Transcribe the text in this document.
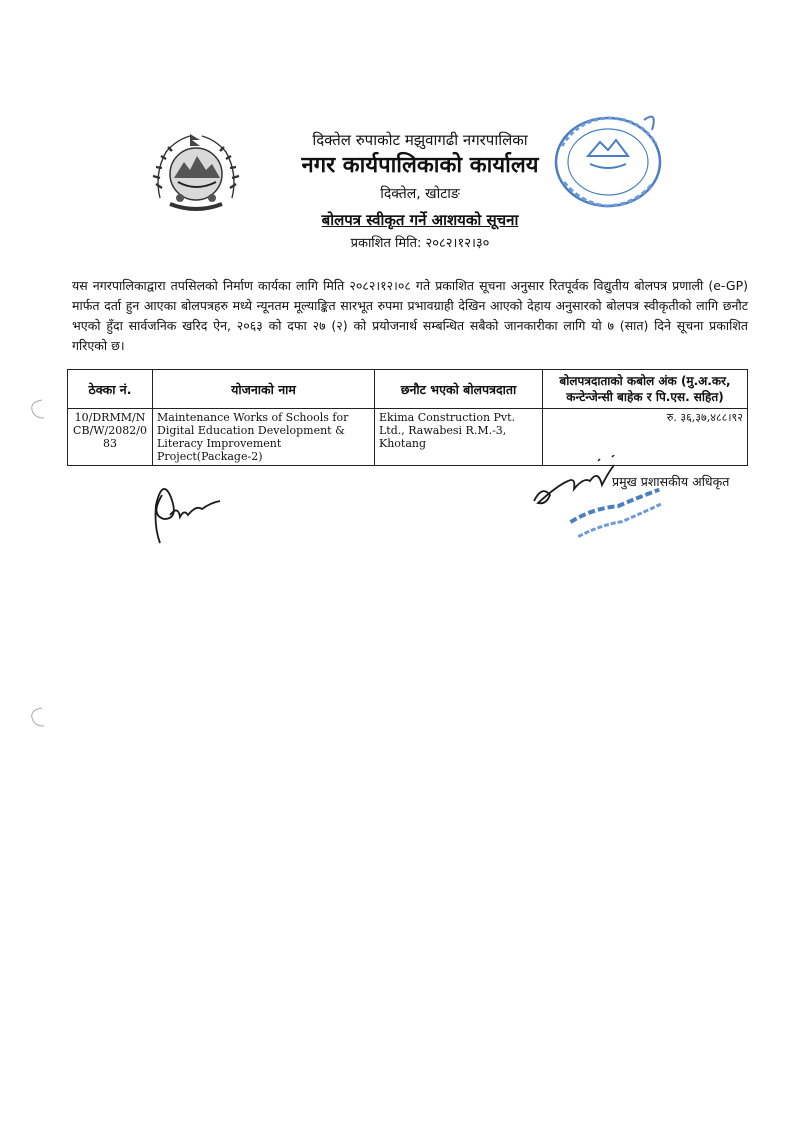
दिक्तेल रुपाकोट मझुवागढी नगरपालिका
नगर कार्यपालिकाको कार्यालय
दिक्तेल, खोटाङ
बोलपत्र स्वीकृत गर्ने आशयको सूचना
प्रकाशित मिति: २०८२।१२।३०
यस नगरपालिकाद्वारा तपसिलको निर्माण कार्यका लागि मिति २०८२।१२।०८ गते प्रकाशित सूचना अनुसार रितपूर्वक विद्युतीय बोलपत्र प्रणाली (e-GP) मार्फत दर्ता हुन आएका बोलपत्रहरु मध्ये न्यूनतम मूल्याङ्कित सारभूत रुपमा प्रभावग्राही देखिन आएको देहाय अनुसारको बोलपत्र स्वीकृतीको लागि छनौट भएको हुँदा सार्वजनिक खरिद ऐन, २०६३ को दफा २७ (२) को प्रयोजनार्थ सम्बन्धित सबैको जानकारीका लागि यो ७ (सात) दिने सूचना प्रकाशित गरिएको छ।
ठेक्का नं.	योजनाको नाम	छनौट भएको बोलपत्रदाता	बोलपत्रदाताको कबोल अंक (मु.अ.कर, कन्टेन्जेन्सी बाहेक र पि.एस. सहित)
10/DRMM/NCB/W/2082/083	Maintenance Works of Schools for Digital Education Development & Literacy Improvement Project(Package-2)	Ekima Construction Pvt. Ltd., Rawabesi R.M.-3, Khotang	रु. ३६,३७,४८८।९२
प्रमुख प्रशासकीय अधिकृत
